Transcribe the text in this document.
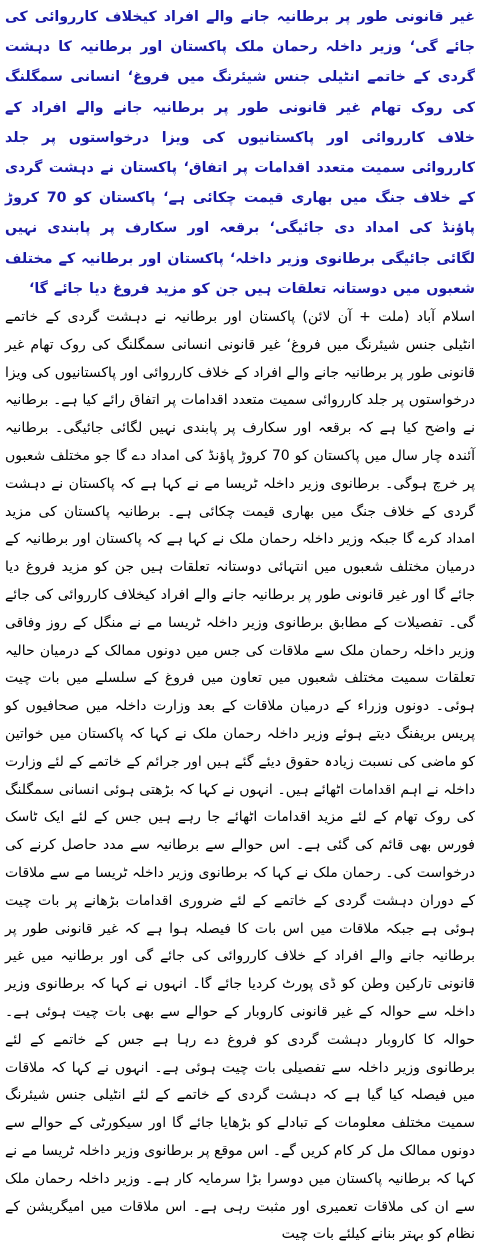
غیر قانونی طور پر برطانیہ جانے والے افراد کیخلاف کارروائی کی جائے گی‘ وزیر داخلہ رحمان ملک پاکستان اور برطانیہ کا دہشت گردی کے خاتمے انٹیلی جنس شیئرنگ میں فروغ‘ انسانی سمگلنگ کی روک تھام غیر قانونی طور پر برطانیہ جانے والے افراد کے خلاف کارروائی اور پاکستانیوں کی ویزا درخواستوں پر جلد کارروائی سمیت متعدد اقدامات پر اتفاق‘ پاکستان نے دہشت گردی کے خلاف جنگ میں بھاری قیمت چکائی ہے‘ پاکستان کو 70 کروڑ پاؤنڈ کی امداد دی جائیگی‘ برقعہ اور سکارف پر پابندی نہیں لگائی جائیگی برطانوی وزیر داخلہ‘ پاکستان اور برطانیہ کے مختلف شعبوں میں دوستانہ تعلقات ہیں جن کو مزید فروغ دیا جائے گا‘

اسلام آباد (ملت + آن لائن) پاکستان اور برطانیہ نے دہشت گردی کے خاتمے انٹیلی جنس شیئرنگ میں فروغ‘ غیر قانونی انسانی سمگلنگ کی روک تھام غیر قانونی طور پر برطانیہ جانے والے افراد کے خلاف کارروائی اور پاکستانیوں کی ویزا درخواستوں پر جلد کارروائی سمیت متعدد اقدامات پر اتفاق رائے کیا ہے۔ برطانیہ نے واضح کیا ہے کہ برقعہ اور سکارف پر پابندی نہیں لگائی جائیگی۔ برطانیہ آئندہ چار سال میں پاکستان کو 70 کروڑ پاؤنڈ کی امداد دے گا جو مختلف شعبوں پر خرچ ہوگی۔ برطانوی وزیر داخلہ ٹریسا مے نے کہا ہے کہ پاکستان نے دہشت گردی کے خلاف جنگ میں بھاری قیمت چکائی ہے۔ برطانیہ پاکستان کی مزید امداد کرے گا جبکہ وزیر داخلہ رحمان ملک نے کہا ہے کہ پاکستان اور برطانیہ کے درمیان مختلف شعبوں میں انتہائی دوستانہ تعلقات ہیں جن کو مزید فروغ دیا جائے گا اور غیر قانونی طور پر برطانیہ جانے والے افراد کیخلاف کارروائی کی جائے گی۔ تفصیلات کے مطابق برطانوی وزیر داخلہ ٹریسا مے نے منگل کے روز وفاقی وزیر داخلہ رحمان ملک سے ملاقات کی جس میں دونوں ممالک کے درمیان حالیہ تعلقات سمیت مختلف شعبوں میں تعاون میں فروغ کے سلسلے میں بات چیت ہوئی۔ دونوں وزراء کے درمیان ملاقات کے بعد وزارت داخلہ میں صحافیوں کو پریس بریفنگ دیتے ہوئے وزیر داخلہ رحمان ملک نے کہا کہ پاکستان میں خواتین کو ماضی کی نسبت زیادہ حقوق دیئے گئے ہیں اور جرائم کے خاتمے کے لئے وزارت داخلہ نے اہم اقدامات اٹھائے ہیں۔ انہوں نے کہا کہ بڑھتی ہوئی انسانی سمگلنگ کی روک تھام کے لئے مزید اقدامات اٹھائے جا رہے ہیں جس کے لئے ایک ٹاسک فورس بھی قائم کی گئی ہے۔ اس حوالے سے برطانیہ سے مدد حاصل کرنے کی درخواست کی۔ رحمان ملک نے کہا کہ برطانوی وزیر داخلہ ٹریسا مے سے ملاقات کے دوران دہشت گردی کے خاتمے کے لئے ضروری اقدامات بڑھانے پر بات چیت ہوئی ہے جبکہ ملاقات میں اس بات کا فیصلہ ہوا ہے کہ غیر قانونی طور پر برطانیہ جانے والے افراد کے خلاف کارروائی کی جائے گی اور برطانیہ میں غیر قانونی تارکین وطن کو ڈی پورٹ کردیا جائے گا۔ انہوں نے کہا کہ برطانوی وزیر داخلہ سے حوالہ کے غیر قانونی کاروبار کے حوالے سے بھی بات چیت ہوئی ہے۔ حوالہ کا کاروبار دہشت گردی کو فروغ دے رہا ہے جس کے خاتمے کے لئے برطانوی وزیر داخلہ سے تفصیلی بات چیت ہوئی ہے۔ انہوں نے کہا کہ ملاقات میں فیصلہ کیا گیا ہے کہ دہشت گردی کے خاتمے کے لئے انٹیلی جنس شیئرنگ سمیت مختلف معلومات کے تبادلے کو بڑھایا جائے گا اور سیکورٹی کے حوالے سے دونوں ممالک مل کر کام کریں گے۔ اس موقع پر برطانوی وزیر داخلہ ٹریسا مے نے کہا کہ برطانیہ پاکستان میں دوسرا بڑا سرمایہ کار ہے۔ وزیر داخلہ رحمان ملک سے ان کی ملاقات تعمیری اور مثبت رہی ہے۔ اس ملاقات میں امیگریشن کے نظام کو بہتر بنانے کیلئے بات چیت
